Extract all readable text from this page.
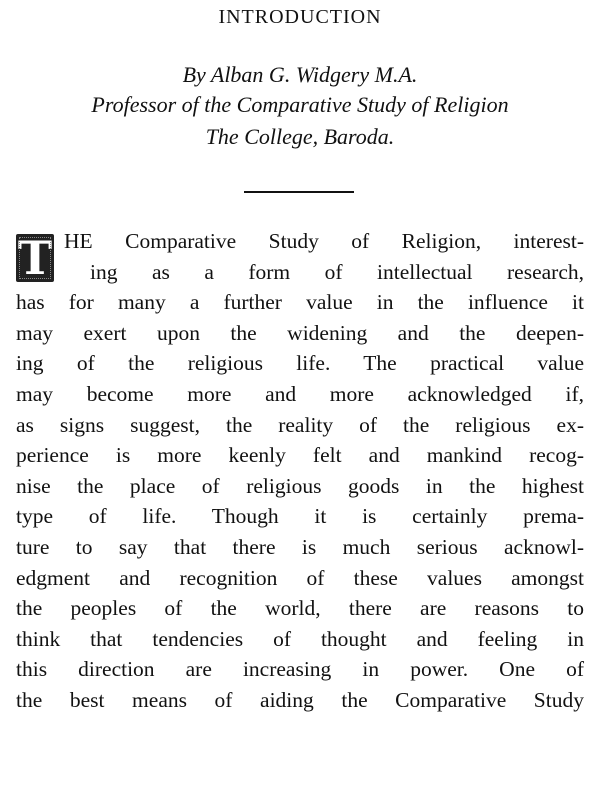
INTRODUCTION
By Alban G. Widgery M.A.
Professor of the Comparative Study of Religion
The College, Baroda.
T HE Comparative Study of Religion, interest-
ing as a form of intellectual research,
has for many a further value in the influence it
may exert upon the widening and the deepen-
ing of the religious life. The practical value
may become more and more acknowledged if,
as signs suggest, the reality of the religious ex-
perience is more keenly felt and mankind recog-
nise the place of religious goods in the highest
type of life. Though it is certainly prema-
ture to say that there is much serious acknowl-
edgment and recognition of these values amongst
the peoples of the world, there are reasons to
think that tendencies of thought and feeling in
this direction are increasing in power. One of
the best means of aiding the Comparative Study
